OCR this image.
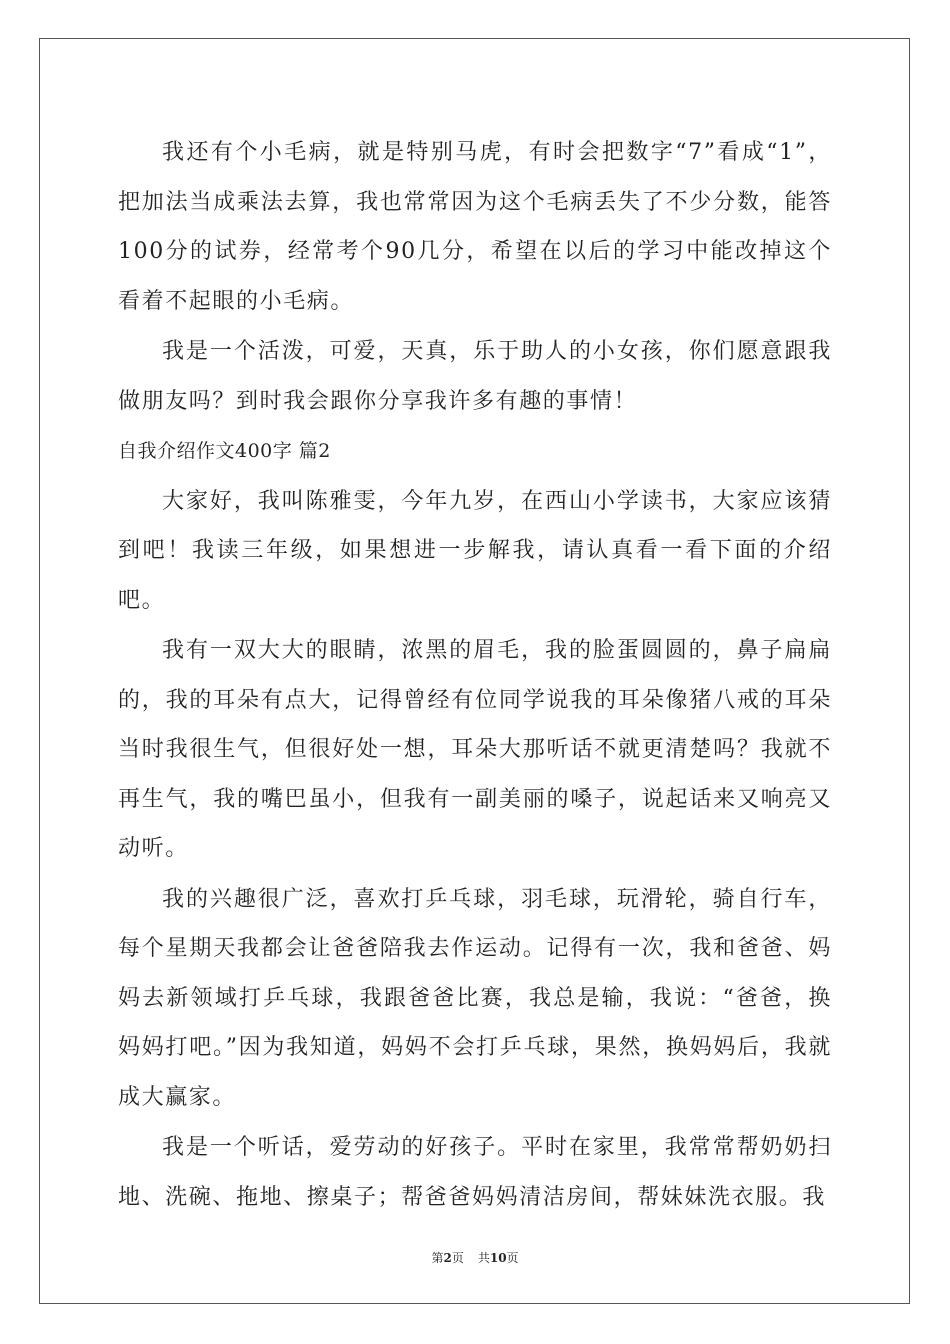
我还有个小毛病，就是特别马虎，有时会把数字“7”看成“1”，把加法当成乘法去算，我也常常因为这个毛病丢失了不少分数，能答100分的试券，经常考个90几分，希望在以后的学习中能改掉这个看着不起眼的小毛病。

我是一个活泼，可爱，天真，乐于助人的小女孩，你们愿意跟我做朋友吗？到时我会跟你分享我许多有趣的事情！

自我介绍作文400字 篇2

大家好，我叫陈雅雯，今年九岁，在西山小学读书，大家应该猜到吧！我读三年级，如果想进一步解我，请认真看一看下面的介绍吧。

我有一双大大的眼睛，浓黑的眉毛，我的脸蛋圆圆的，鼻子扁扁的，我的耳朵有点大，记得曾经有位同学说我的耳朵像猪八戒的耳朵当时我很生气，但很好处一想，耳朵大那听话不就更清楚吗？我就不再生气，我的嘴巴虽小，但我有一副美丽的嗓子，说起话来又响亮又动听。

我的兴趣很广泛，喜欢打乒乓球，羽毛球，玩滑轮，骑自行车，每个星期天我都会让爸爸陪我去作运动。记得有一次，我和爸爸、妈妈去新领域打乒乓球，我跟爸爸比赛，我总是输，我说：“爸爸，换妈妈打吧。”因为我知道，妈妈不会打乒乓球，果然，换妈妈后，我就成大赢家。

我是一个听话，爱劳动的好孩子。平时在家里，我常常帮奶奶扫地、洗碗、拖地、擦桌子；帮爸爸妈妈清洁房间，帮妹妹洗衣服。我

第2页 共10页
